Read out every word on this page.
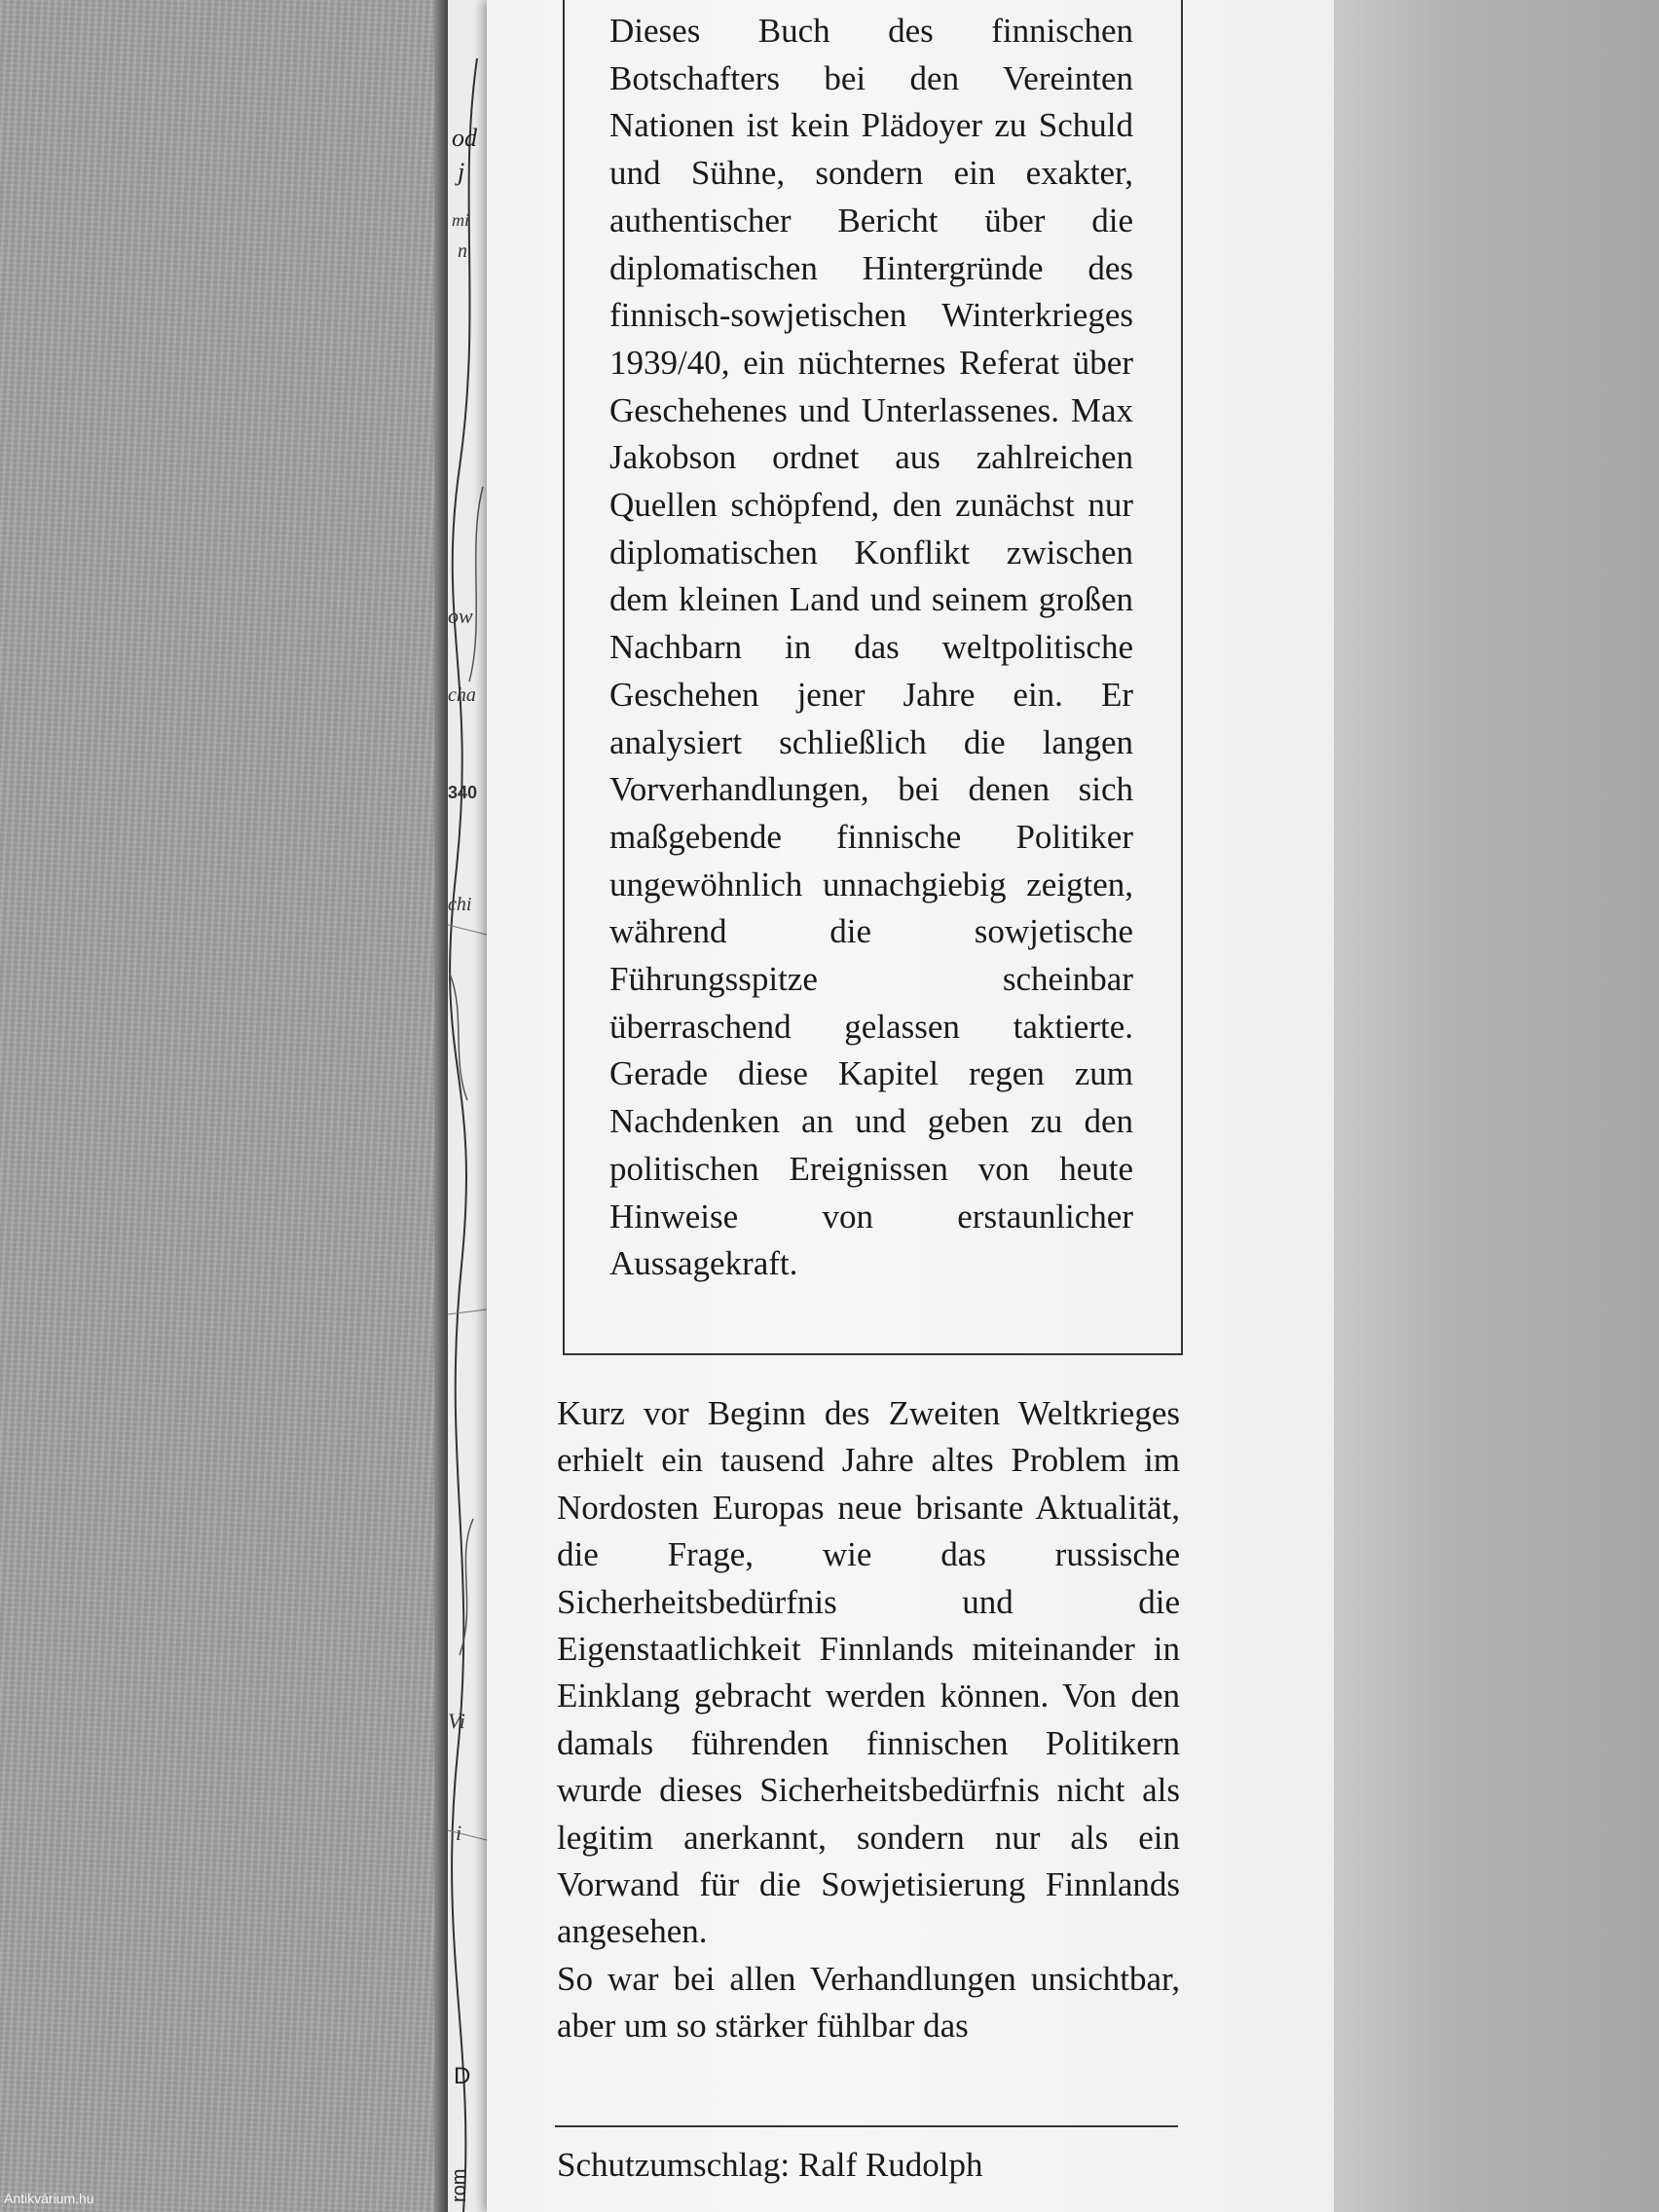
od
j
mi
n
ow
cha
340
chi
Vi
i
D
rom

Dieses Buch des finnischen Botschafters bei den Vereinten Nationen ist kein Plädoyer zu Schuld und Sühne, sondern ein exakter, authentischer Bericht über die diplomatischen Hintergründe des finnisch-sowjetischen Winterkrieges 1939/40, ein nüchternes Referat über Geschehenes und Unterlassenes. Max Jakobson ordnet aus zahlreichen Quellen schöpfend, den zunächst nur diplomatischen Konflikt zwischen dem kleinen Land und seinem großen Nachbarn in das weltpolitische Geschehen jener Jahre ein. Er analysiert schließlich die langen Vorverhandlungen, bei denen sich maßgebende finnische Politiker ungewöhnlich unnachgiebig zeigten, während die sowjetische Führungsspitze scheinbar überraschend gelassen taktierte. Gerade diese Kapitel regen zum Nachdenken an und geben zu den politischen Ereignissen von heute Hinweise von erstaunlicher Aussagekraft.

Kurz vor Beginn des Zweiten Weltkrieges erhielt ein tausend Jahre altes Problem im Nordosten Europas neue brisante Aktualität, die Frage, wie das russische Sicherheitsbedürfnis und die Eigenstaatlichkeit Finnlands miteinander in Einklang gebracht werden können. Von den damals führenden finnischen Politikern wurde dieses Sicherheitsbedürfnis nicht als legitim anerkannt, sondern nur als ein Vorwand für die Sowjetisierung Finnlands angesehen.

So war bei allen Verhandlungen unsichtbar, aber um so stärker fühlbar das

Schutzumschlag: Ralf Rudolph

Antikvárium.hu
